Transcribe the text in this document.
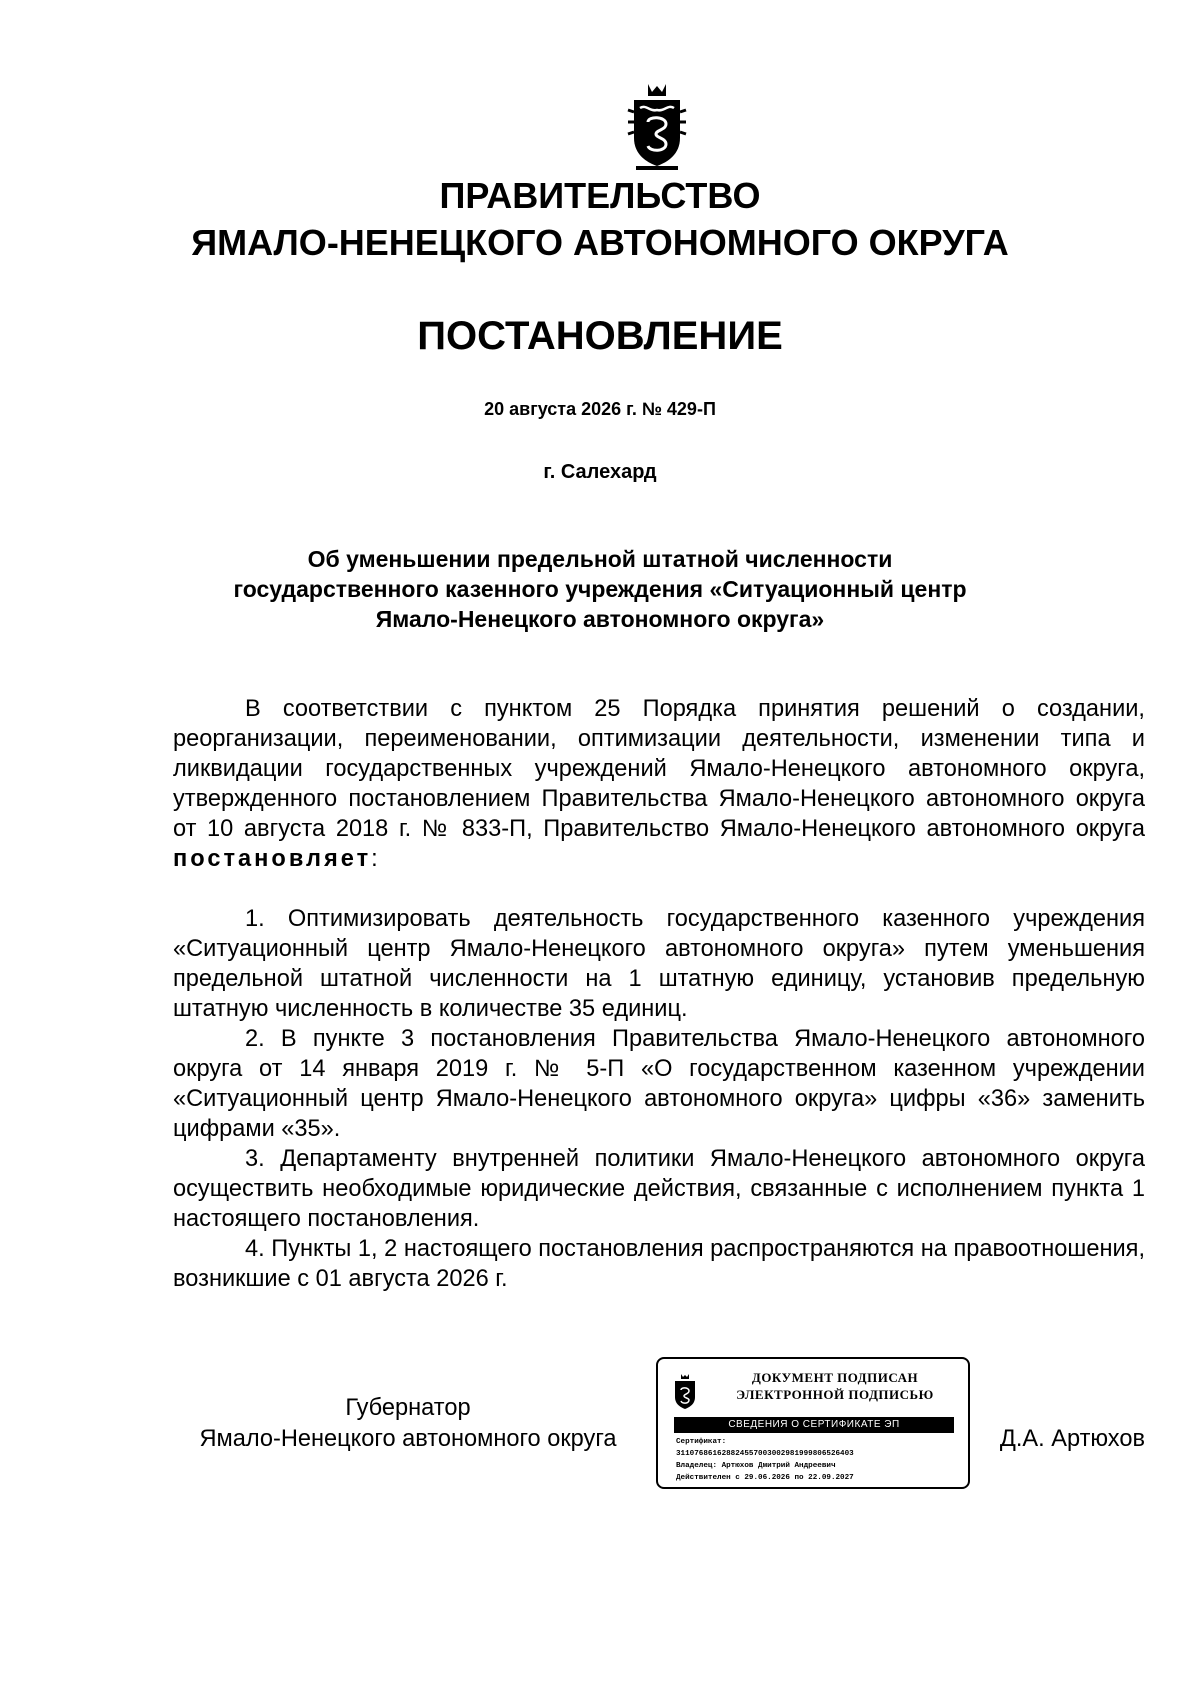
ПРАВИТЕЛЬСТВО
ЯМАЛО-НЕНЕЦКОГО АВТОНОМНОГО ОКРУГА
ПОСТАНОВЛЕНИЕ
20 августа 2026 г. № 429-П
г. Салехард
Об уменьшении предельной штатной численности
государственного казенного учреждения «Ситуационный центр
Ямало-Ненецкого автономного округа»

В соответствии с пунктом 25 Порядка принятия решений о создании, реорганизации, переименовании, оптимизации деятельности, изменении типа и ликвидации государственных учреждений Ямало-Ненецкого автономного округа, утвержденного постановлением Правительства Ямало-Ненецкого автономного округа от 10 августа 2018 г. № 833-П, Правительство Ямало-Ненецкого автономного округа постановляет:

1. Оптимизировать деятельность государственного казенного учреждения «Ситуационный центр Ямало-Ненецкого автономного округа» путем уменьшения предельной штатной численности на 1 штатную единицу, установив предельную штатную численность в количестве 35 единиц.

2. В пункте 3 постановления Правительства Ямало-Ненецкого автономного округа от 14 января 2019 г. № 5-П «О государственном казенном учреждении «Ситуационный центр Ямало-Ненецкого автономного округа» цифры «36» заменить цифрами «35».

3. Департаменту внутренней политики Ямало-Ненецкого автономного округа осуществить необходимые юридические действия, связанные с исполнением пункта 1 настоящего постановления.

4. Пункты 1, 2 настоящего постановления распространяются на правоотношения, возникшие с 01 августа 2026 г.

Губернатор
Ямало-Ненецкого автономного округа
ДОКУМЕНТ ПОДПИСАН
ЭЛЕКТРОННОЙ ПОДПИСЬЮ
СВЕДЕНИЯ О СЕРТИФИКАТЕ ЭП
Сертификат:
311076861628824557003002981999806526403
Владелец: Артюхов Дмитрий Андреевич
Действителен с 29.06.2026 по 22.09.2027
Д.А. Артюхов
